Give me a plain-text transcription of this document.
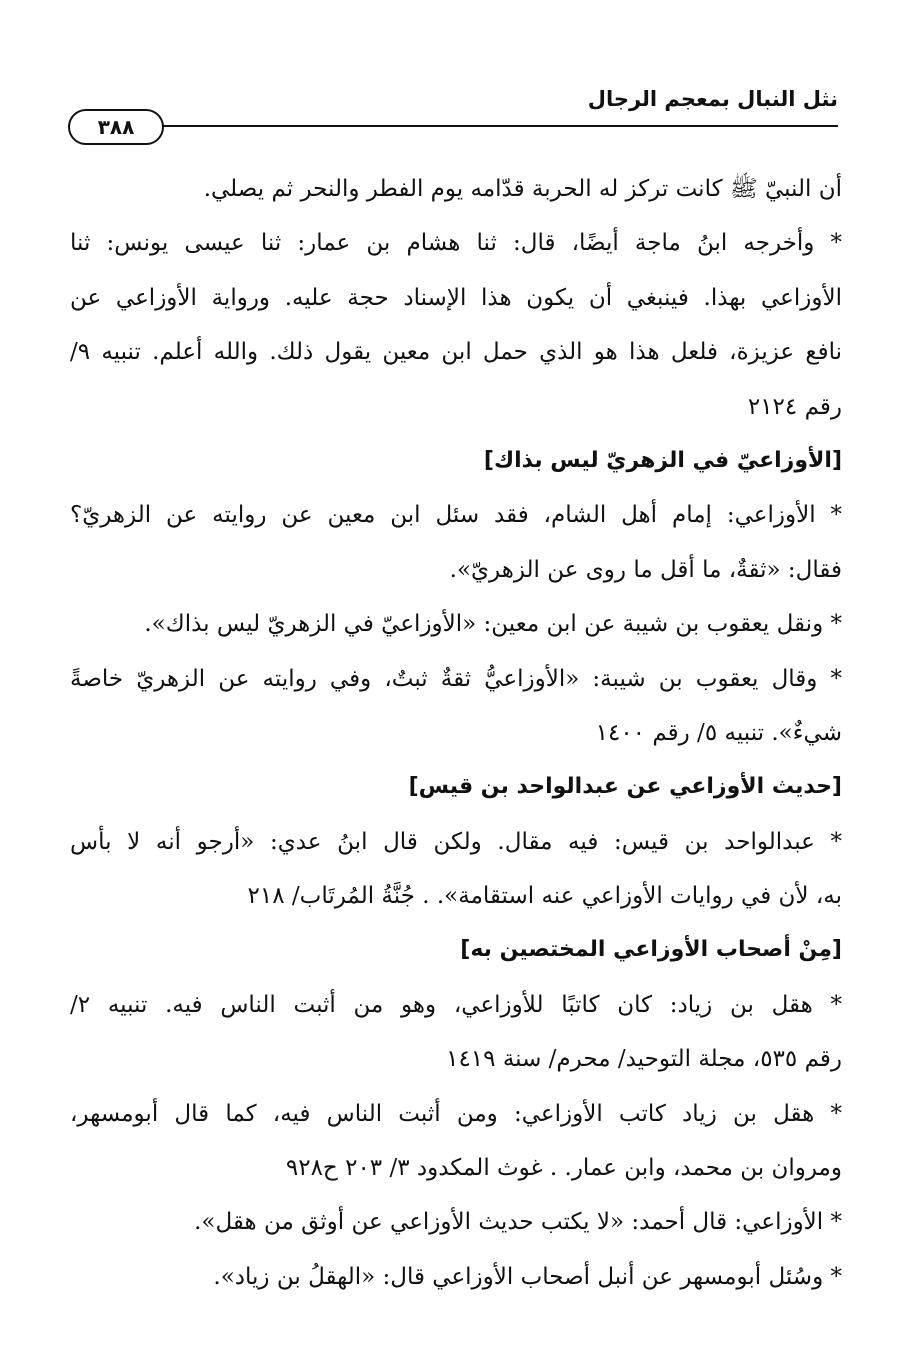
نثل النبال بمعجم الرجال
٣٨٨
أن النبيّ ﷺ كانت تركز له الحربة قدّامه يوم الفطر والنحر ثم يصلي.
* وأخرجه ابنُ ماجة أيضًا، قال: ثنا هشام بن عمار: ثنا عيسى يونس: ثنا
الأوزاعي بهذا. فينبغي أن يكون هذا الإسناد حجة عليه. ورواية الأوزاعي عن
نافع عزيزة، فلعل هذا هو الذي حمل ابن معين يقول ذلك. والله أعلم. تنبيه ٩/
رقم ٢١٢٤
[الأوزاعيّ في الزهريّ ليس بذاك]
* الأوزاعي: إمام أهل الشام، فقد سئل ابن معين عن روايته عن الزهريّ؟
فقال: «ثقةٌ، ما أقل ما روى عن الزهريّ».
* ونقل يعقوب بن شيبة عن ابن معين: «الأوزاعيّ في الزهريّ ليس بذاك».
* وقال يعقوب بن شيبة: «الأوزاعيُّ ثقةٌ ثبتٌ، وفي روايته عن الزهريّ خاصةً
شيءٌ». تنبيه ٥/ رقم ١٤٠٠
[حديث الأوزاعي عن عبدالواحد بن قيس]
* عبدالواحد بن قيس: فيه مقال. ولكن قال ابنُ عدي: «أرجو أنه لا بأس
به، لأن في روايات الأوزاعي عنه استقامة». . جُنَّةُ المُرتَاب/ ٢١٨
[مِنْ أصحاب الأوزاعي المختصين به]
* هقل بن زياد: كان كاتبًا للأوزاعي، وهو من أثبت الناس فيه. تنبيه ٢/
رقم ٥٣٥، مجلة التوحيد/ محرم/ سنة ١٤١٩
* هقل بن زياد كاتب الأوزاعي: ومن أثبت الناس فيه، كما قال أبومسهر،
ومروان بن محمد، وابن عمار. . غوث المكدود ٣/ ٢٠٣ ح٩٢٨
* الأوزاعي: قال أحمد: «لا يكتب حديث الأوزاعي عن أوثق من هقل».
* وسُئل أبومسهر عن أنبل أصحاب الأوزاعي قال: «الهقلُ بن زياد».
